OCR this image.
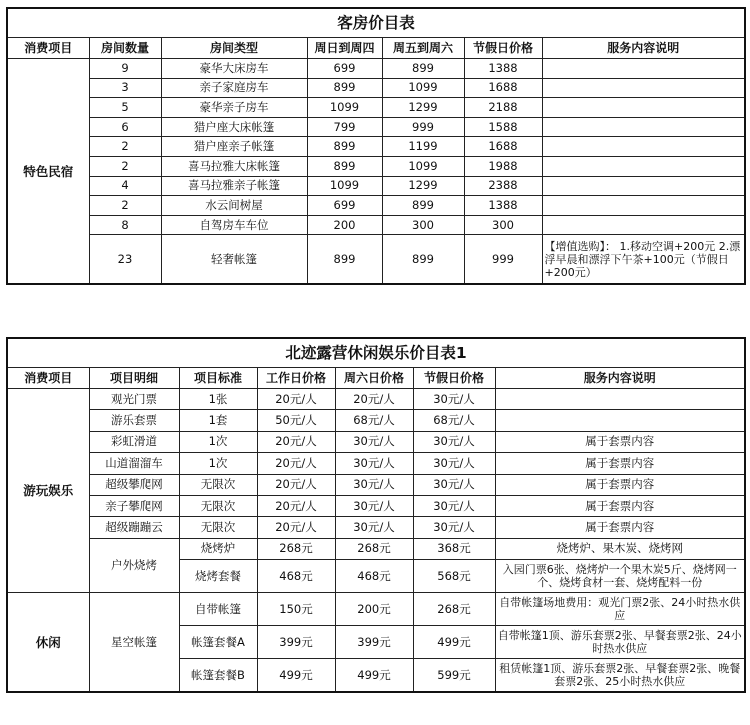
客房价目表						
消费项目	房间数量	房间类型	周日到周四	周五到周六	节假日价格	服务内容说明
特色民宿	9	豪华大床房车	699	899	1388	
	3	亲子家庭房车	899	1099	1688	
	5	豪华亲子房车	1099	1299	2188	
	6	猎户座大床帐篷	799	999	1588	
	2	猎户座亲子帐篷	899	1199	1688	
	2	喜马拉雅大床帐篷	899	1099	1988	
	4	喜马拉雅亲子帐篷	1099	1299	2388	
	2	水云间树屋	699	899	1388	
	8	自驾房车车位	200	300	300	
	23	轻奢帐篷	899	899	999	【增值选购】： 1.移动空调+200元 2.漂浮早晨和漂浮下午茶+100元（节假日+200元）
北迹露营休闲娱乐价目表1						
消费项目	项目明细	项目标准	工作日价格	周六日价格	节假日价格	服务内容说明
游玩娱乐	观光门票	1张	20元/人	20元/人	30元/人	
	游乐套票	1套	50元/人	68元/人	68元/人	
	彩虹滑道	1次	20元/人	30元/人	30元/人	属于套票内容
	山道溜溜车	1次	20元/人	30元/人	30元/人	属于套票内容
	超级攀爬网	无限次	20元/人	30元/人	30元/人	属于套票内容
	亲子攀爬网	无限次	20元/人	30元/人	30元/人	属于套票内容
	超级蹦蹦云	无限次	20元/人	30元/人	30元/人	属于套票内容
	户外烧烤	烧烤炉	268元	268元	368元	烧烤炉、果木炭、烧烤网
		烧烤套餐	468元	468元	568元	入园门票6张、烧烤炉一个果木炭5斤、烧烤网一个、烧烤食材一套、烧烤配料一份
休闲	星空帐篷	自带帐篷	150元	200元	268元	自带帐篷场地费用：观光门票2张、24小时热水供应
		帐篷套餐A	399元	399元	499元	自带帐篷1顶、游乐套票2张、早餐套票2张、24小时热水供应
		帐篷套餐B	499元	499元	599元	租赁帐篷1顶、游乐套票2张、早餐套票2张、晚餐套票2张、25小时热水供应
